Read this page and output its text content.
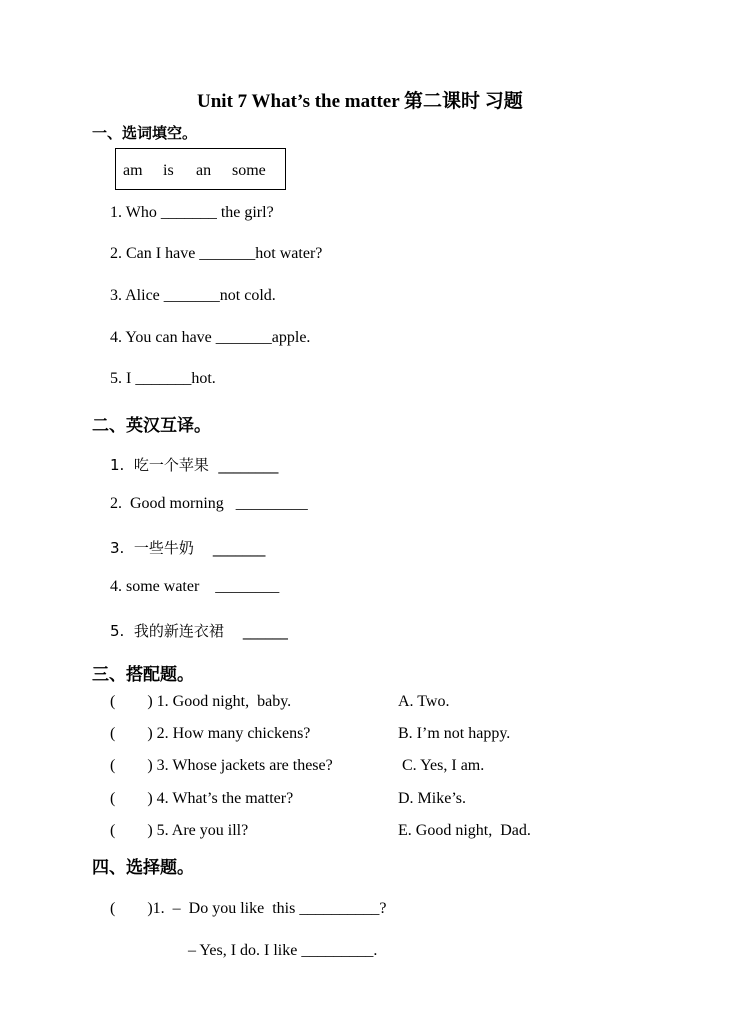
Unit 7 What’s the matter 第二课时 习题
一、选词填空。
am is an some
1. Who _______ the girl?
2. Can I have _______hot water?
3. Alice _______not cold.
4. You can have _______apple.
5. I _______hot.
二、英汉互译。
1.  吃一个苹果  ________
2.  Good morning   _________
3.  一些牛奶    _______
4. some water    ________
5.  我的新连衣裙    ______
三、搭配题。
(        ) 1. Good night,  baby.
(        ) 2. How many chickens?
(        ) 3. Whose jackets are these?
(        ) 4. What’s the matter?
(        ) 5. Are you ill?
A. Two.
B. I’m not happy.
C. Yes, I am.
D. Mike’s.
E. Good night,  Dad.
四、选择题。
(        )1.  –  Do you like  this __________?
– Yes, I do. I like _________.
